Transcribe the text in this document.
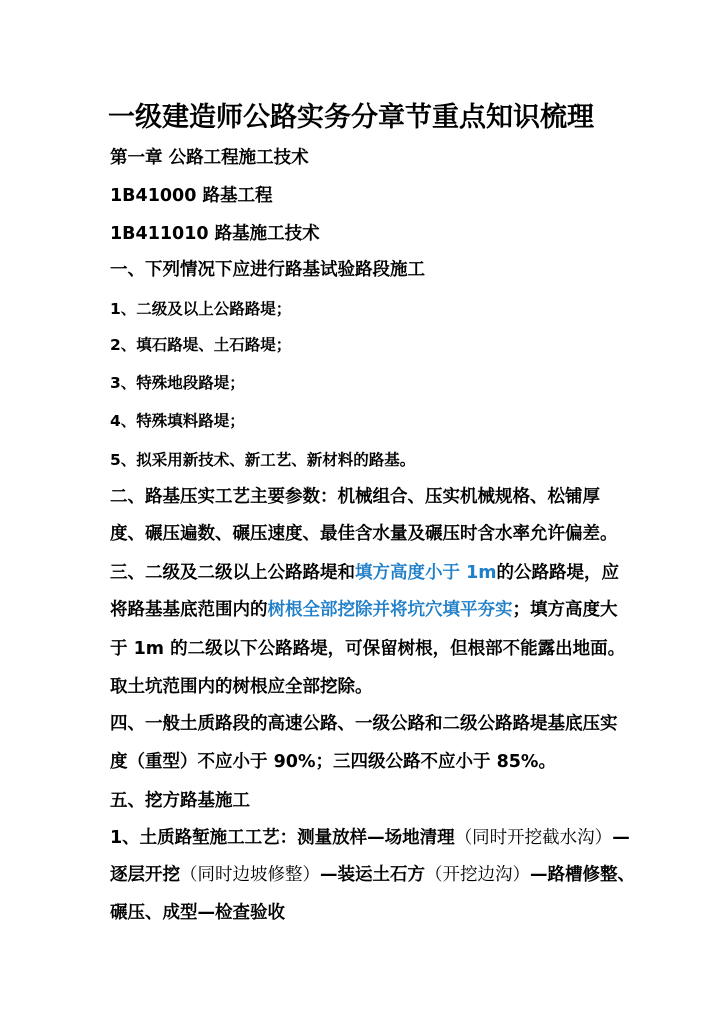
一级建造师公路实务分章节重点知识梳理
第一章 公路工程施工技术
1B41000 路基工程
1B411010 路基施工技术
一、下列情况下应进行路基试验路段施工
1、二级及以上公路路堤；
2、填石路堤、土石路堤；
3、特殊地段路堤；
4、特殊填料路堤；
5、拟采用新技术、新工艺、新材料的路基。
二、路基压实工艺主要参数：机械组合、压实机械规格、松铺厚
度、碾压遍数、碾压速度、最佳含水量及碾压时含水率允许偏差。
三、二级及二级以上公路路堤和填方高度小于 1m的公路路堤，应
将路基基底范围内的树根全部挖除并将坑穴填平夯实；填方高度大
于 1m 的二级以下公路路堤，可保留树根，但根部不能露出地面。
取土坑范围内的树根应全部挖除。
四、一般土质路段的高速公路、一级公路和二级公路路堤基底压实
度（重型）不应小于 90%；三四级公路不应小于 85%。
五、挖方路基施工
1、土质路堑施工工艺：测量放样—场地清理（同时开挖截水沟）—
逐层开挖（同时边坡修整）—装运土石方（开挖边沟）—路槽修整、
碾压、成型—检查验收
